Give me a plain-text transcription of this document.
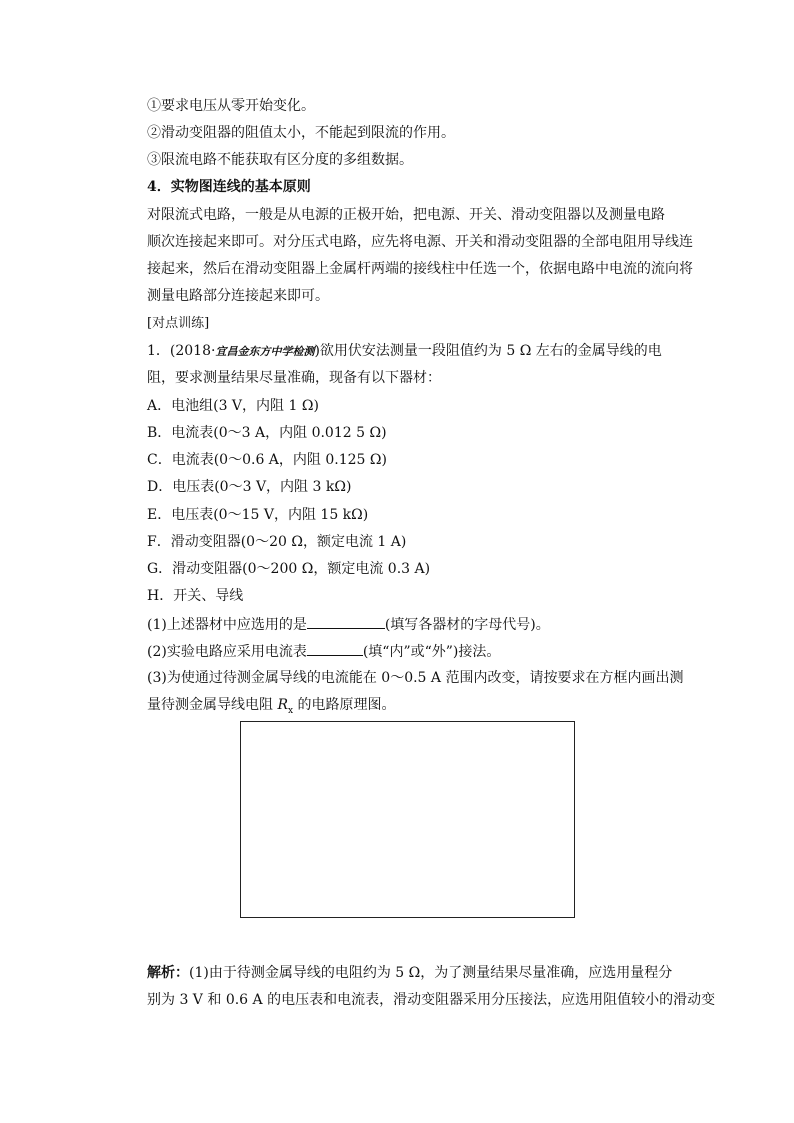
①要求电压从零开始变化。
②滑动变阻器的阻值太小，不能起到限流的作用。
③限流电路不能获取有区分度的多组数据。
4．实物图连线的基本原则
对限流式电路，一般是从电源的正极开始，把电源、开关、滑动变阻器以及测量电路
顺次连接起来即可。对分压式电路，应先将电源、开关和滑动变阻器的全部电阻用导线连
接起来，然后在滑动变阻器上金属杆两端的接线柱中任选一个，依据电路中电流的流向将
测量电路部分连接起来即可。
[对点训练]
1．(2018·宜昌金东方中学检测)欲用伏安法测量一段阻值约为 5 Ω 左右的金属导线的电
阻，要求测量结果尽量准确，现备有以下器材：
A．电池组(3 V，内阻 1 Ω)
B．电流表(0～3 A，内阻 0.012 5 Ω)
C．电流表(0～0.6 A，内阻 0.125 Ω)
D．电压表(0～3 V，内阻 3 kΩ)
E．电压表(0～15 V，内阻 15 kΩ)
F．滑动变阻器(0～20 Ω，额定电流 1 A)
G．滑动变阻器(0～200 Ω，额定电流 0.3 A)
H．开关、导线
(1)上述器材中应选用的是	(填写各器材的字母代号)。
(2)实验电路应采用电流表	(填“内”或“外”)接法。
(3)为使通过待测金属导线的电流能在 0～0.5 A 范围内改变，请按要求在方框内画出测
量待测金属导线电阻 $R_x$ 的电路原理图。
解析：(1)由于待测金属导线的电阻约为 5 Ω，为了测量结果尽量准确，应选用量程分
别为 3 V 和 0.6 A 的电压表和电流表，滑动变阻器采用分压接法，应选用阻值较小的滑动变
